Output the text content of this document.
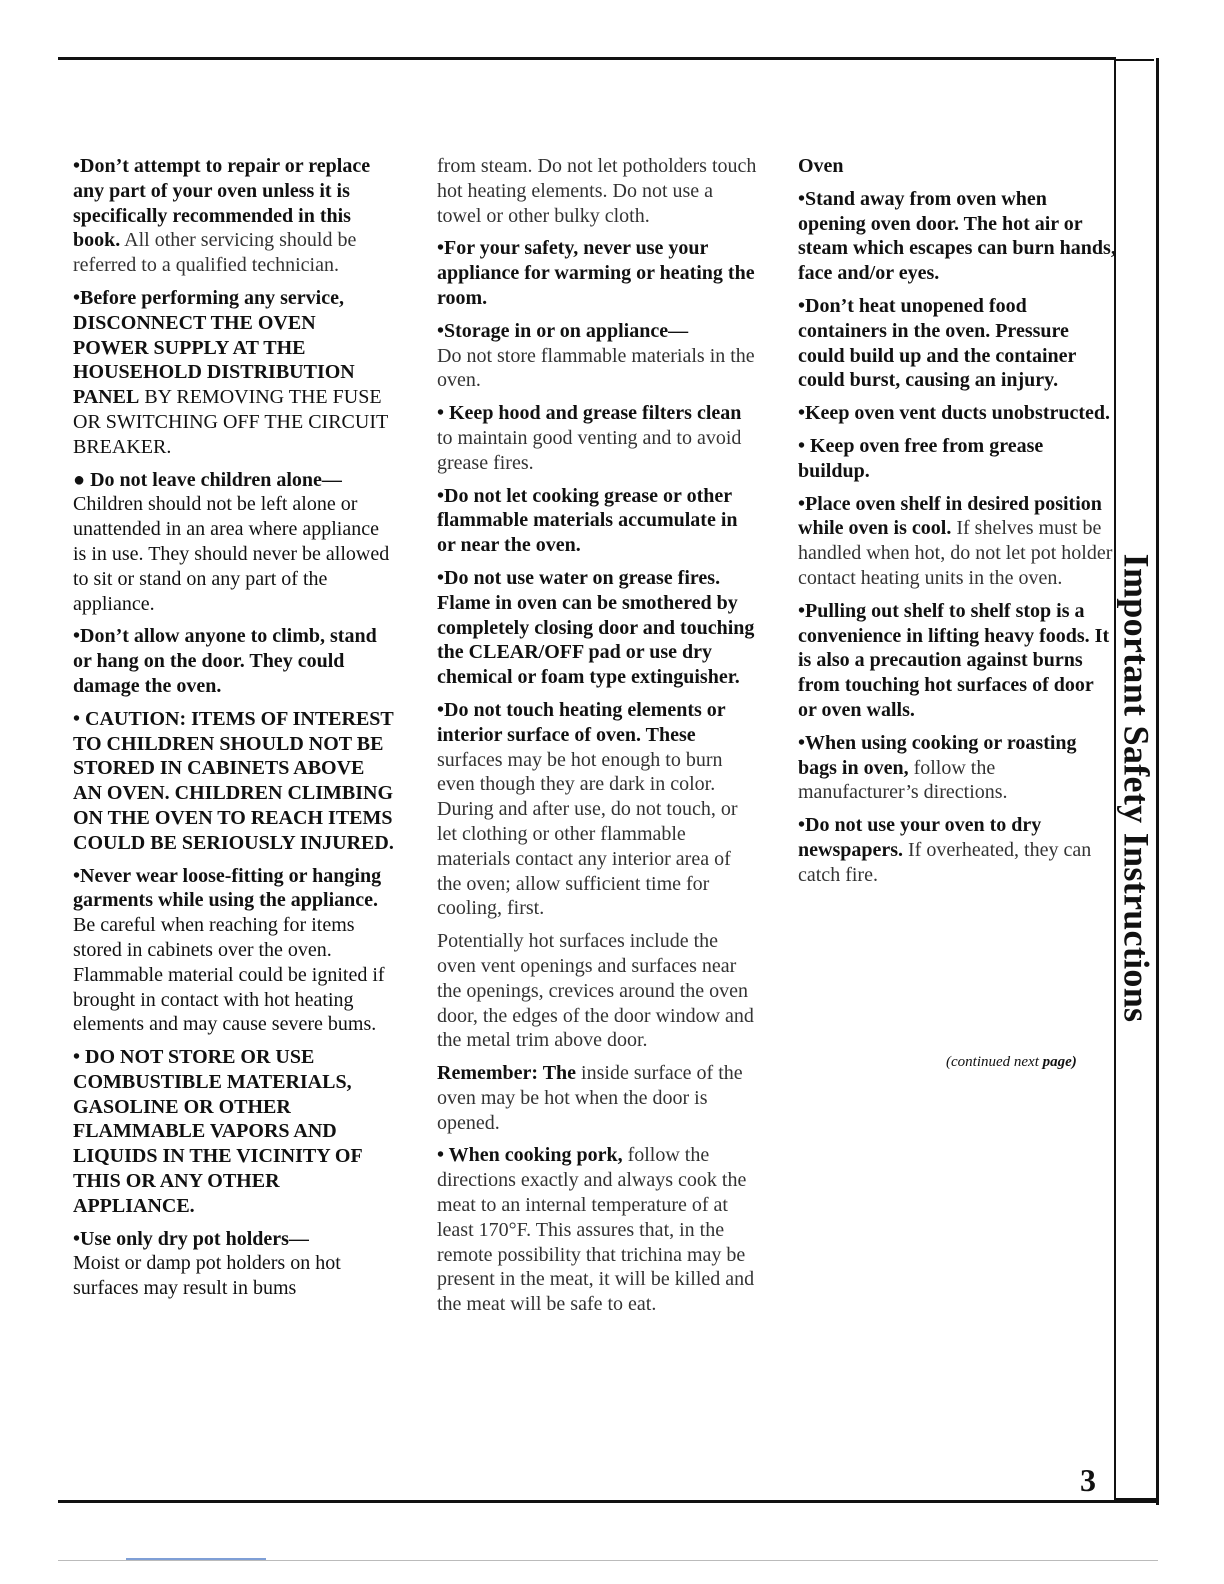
Important Safety Instructions

•Don’t attempt to repair or replace any part of your oven unless it is specifically recommended in this book. All other servicing should be referred to a qualified technician.

•Before performing any service, DISCONNECT THE OVEN POWER SUPPLY AT THE HOUSEHOLD DISTRIBUTION PANEL BY REMOVING THE FUSE OR SWITCHING OFF THE CIRCUIT BREAKER.

● Do not leave children alone—
Children should not be left alone or unattended in an area where appliance is in use. They should never be allowed to sit or stand on any part of the appliance.

•Don’t allow anyone to climb, stand or hang on the door. They could damage the oven.

• CAUTION: ITEMS OF INTEREST TO CHILDREN SHOULD NOT BE STORED IN CABINETS ABOVE AN OVEN. CHILDREN CLIMBING ON THE OVEN TO REACH ITEMS COULD BE SERIOUSLY INJURED.

•Never wear loose-fitting or hanging garments while using the appliance. Be careful when reaching for items stored in cabinets over the oven. Flammable material could be ignited if brought in contact with hot heating elements and may cause severe bums.

• DO NOT STORE OR USE COMBUSTIBLE MATERIALS, GASOLINE OR OTHER FLAMMABLE VAPORS AND LIQUIDS IN THE VICINITY OF THIS OR ANY OTHER APPLIANCE.

•Use only dry pot holders—
Moist or damp pot holders on hot surfaces may result in bums

from steam. Do not let potholders touch hot heating elements. Do not use a towel or other bulky cloth.

•For your safety, never use your appliance for warming or heating the room.

•Storage in or on appliance—
Do not store flammable materials in the oven.

• Keep hood and grease filters clean to maintain good venting and to avoid grease fires.

•Do not let cooking grease or other flammable materials accumulate in or near the oven.

•Do not use water on grease fires. Flame in oven can be smothered by completely closing door and touching the CLEAR/OFF pad or use dry chemical or foam type extinguisher.

•Do not touch heating elements or interior surface of oven. These surfaces may be hot enough to burn even though they are dark in color. During and after use, do not touch, or let clothing or other flammable materials contact any interior area of the oven; allow sufficient time for cooling, first.

Potentially hot surfaces include the oven vent openings and surfaces near the openings, crevices around the oven door, the edges of the door window and the metal trim above door.

Remember: The inside surface of the oven may be hot when the door is opened.

• When cooking pork, follow the directions exactly and always cook the meat to an internal temperature of at least 170°F. This assures that, in the remote possibility that trichina may be present in the meat, it will be killed and the meat will be safe to eat.

Oven

•Stand away from oven when opening oven door. The hot air or steam which escapes can burn hands, face and/or eyes.

•Don’t heat unopened food containers in the oven. Pressure could build up and the container could burst, causing an injury.

•Keep oven vent ducts unobstructed.

• Keep oven free from grease buildup.

•Place oven shelf in desired position while oven is cool. If shelves must be handled when hot, do not let pot holder contact heating units in the oven.

•Pulling out shelf to shelf stop is a convenience in lifting heavy foods. It is also a precaution against burns from touching hot surfaces of door or oven walls.

•When using cooking or roasting bags in oven, follow the manufacturer’s directions.

•Do not use your oven to dry newspapers. If overheated, they can catch fire.

(continued next page)
3
